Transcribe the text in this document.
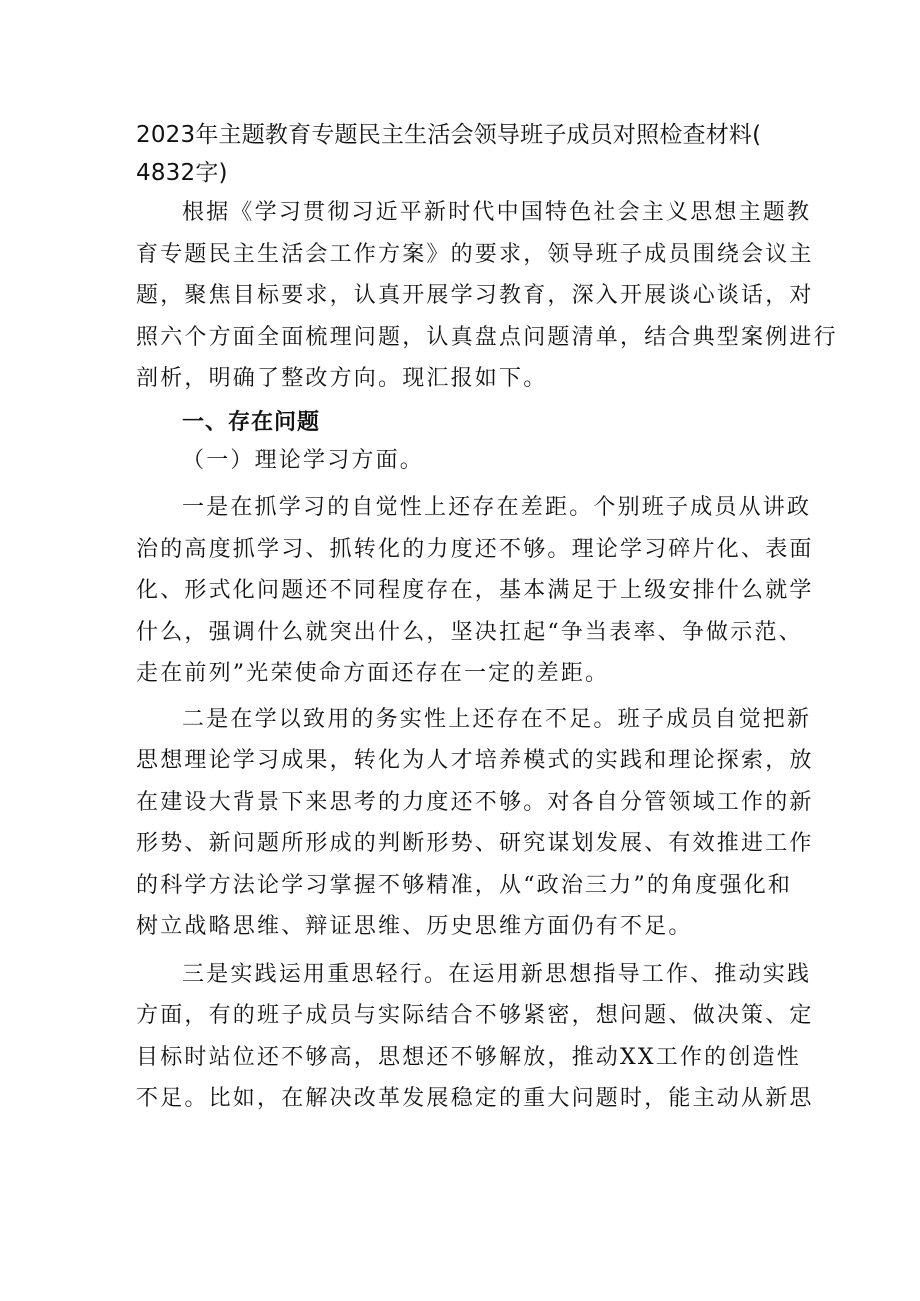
2023年主题教育专题民主生活会领导班子成员对照检查材料(
4832字)

根据《学习贯彻习近平新时代中国特色社会主义思想主题教
育专题民主生活会工作方案》的要求，领导班子成员围绕会议主
题，聚焦目标要求，认真开展学习教育，深入开展谈心谈话，对
照六个方面全面梳理问题，认真盘点问题清单，结合典型案例进行
剖析，明确了整改方向。现汇报如下。

一、存在问题

（一）理论学习方面。

一是在抓学习的自觉性上还存在差距。个别班子成员从讲政
治的高度抓学习、抓转化的力度还不够。理论学习碎片化、表面
化、形式化问题还不同程度存在，基本满足于上级安排什么就学
什么，强调什么就突出什么，坚决扛起“争当表率、争做示范、
走在前列”光荣使命方面还存在一定的差距。

二是在学以致用的务实性上还存在不足。班子成员自觉把新
思想理论学习成果，转化为人才培养模式的实践和理论探索，放
在建设大背景下来思考的力度还不够。对各自分管领域工作的新
形势、新问题所形成的判断形势、研究谋划发展、有效推进工作
的科学方法论学习掌握不够精准，从“政治三力”的角度强化和
树立战略思维、辩证思维、历史思维方面仍有不足。

三是实践运用重思轻行。在运用新思想指导工作、推动实践
方面，有的班子成员与实际结合不够紧密，想问题、做决策、定
目标时站位还不够高，思想还不够解放，推动XX工作的创造性
不足。比如，在解决改革发展稳定的重大问题时，能主动从新思
